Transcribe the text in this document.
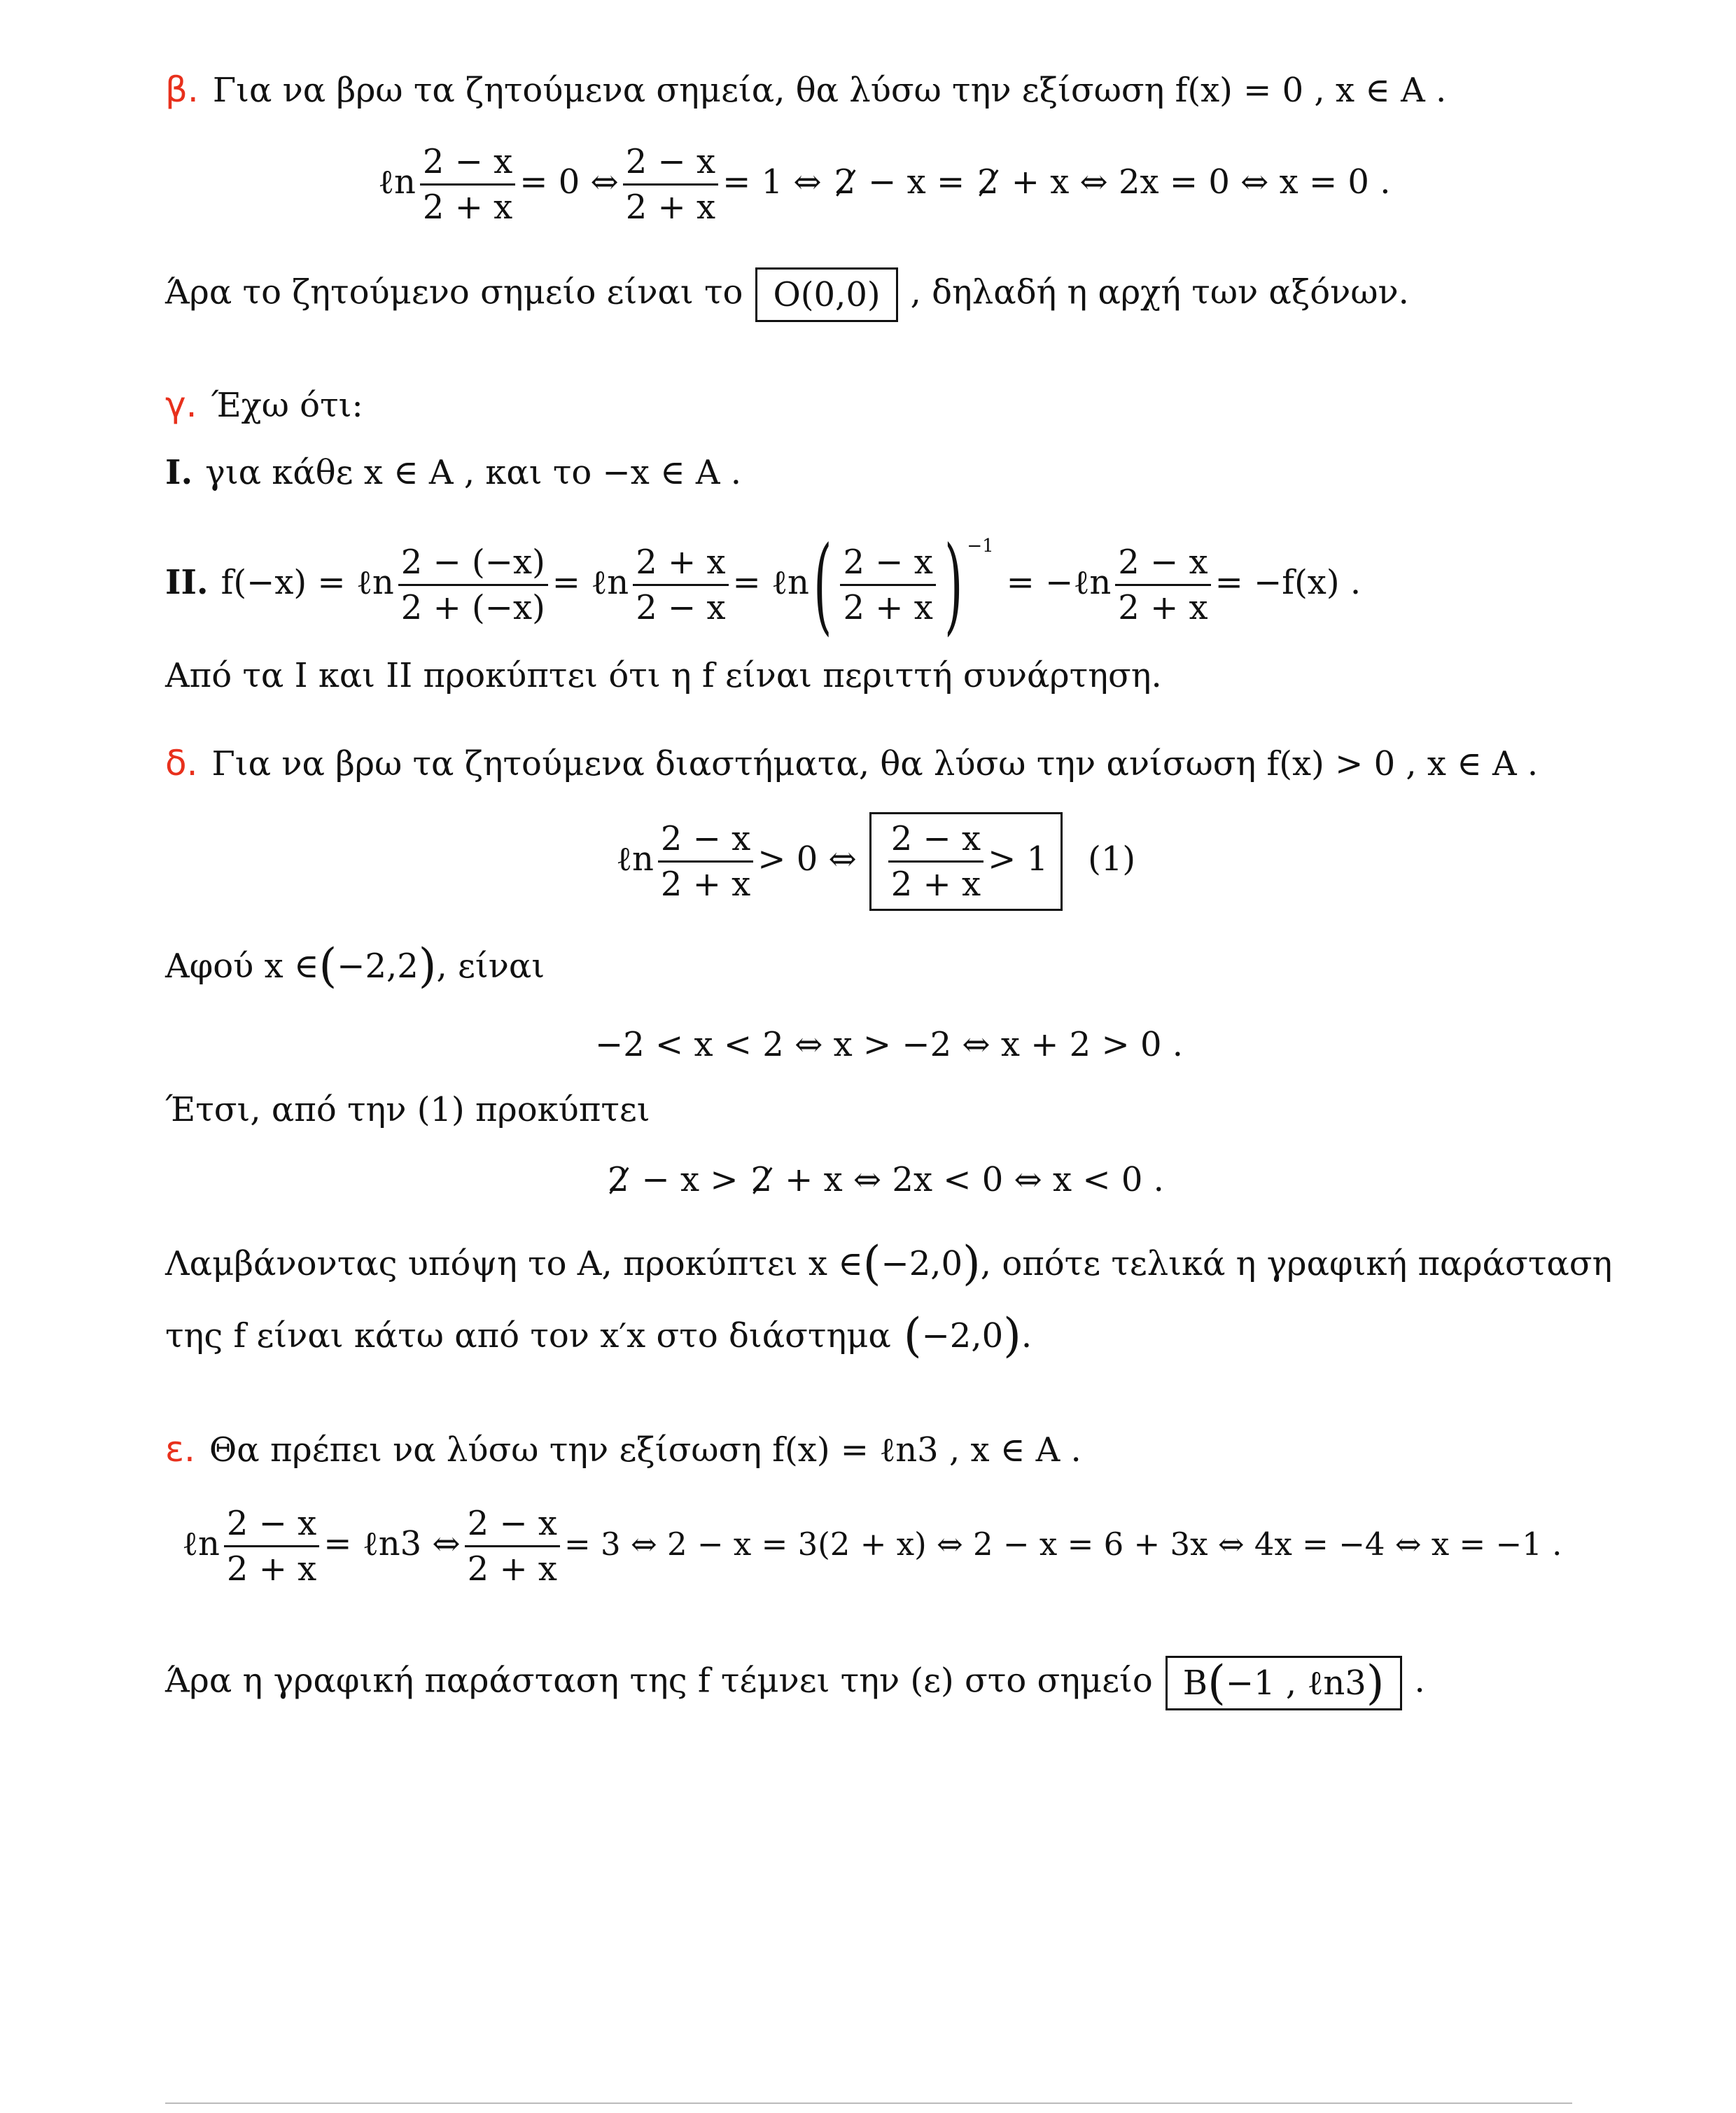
β. Για να βρω τα ζητούμενα σημεία, θα λύσω την εξίσωση f(x) = 0 , x ∈ A .
ℓn $\frac{2 - x}{2 + x} = 0$ ⇔ $\frac{2 - x}{2 + x} = 1$ ⇔ 2 − x = 2 + x ⇔ 2x = 0 ⇔ x = 0 .
Άρα το ζητούμενο σημείο είναι το O(0,0) , δηλαδή η αρχή των αξόνων.
γ. Έχω ότι:
I. για κάθε x ∈ A , και το −x ∈ A .
II. f(−x) = ℓn $\frac{2 - (-x)}{2 + (-x)}$ = ℓn $\frac{2 + x}{2 - x}$ = ℓn( $\frac{2 - x}{2 + x}$ ) $^{-1}$= −ℓn $\frac{2 - x}{2 + x} = -f(x)$ .
Από τα I και II προκύπτει ότι η f είναι περιττή συνάρτηση.
δ. Για να βρω τα ζητούμενα διαστήματα, θα λύσω την ανίσωση f(x) > 0 , x ∈ A .
ℓn $\frac{2 - x}{2 + x} > 0$ ⇔ $\frac{2 - x}{2 + x} > 1$ (1)
Αφού x ∈(−2,2), είναι
−2 < x < 2 ⇔ x > −2 ⇔ x + 2 > 0 .
Έτσι, από την (1) προκύπτει
2 − x > 2 + x ⇔ 2x < 0 ⇔ x < 0 .
Λαμβάνοντας υπόψη το A, προκύπτει x ∈(−2,0), οπότε τελικά η γραφική παράσταση
της f είναι κάτω από τον x′x στο διάστημα (−2,0).
ε. Θα πρέπει να λύσω την εξίσωση f(x) = ℓn3 , x ∈ A .
ℓn $\frac{2 - x}{2 + x}$ = ℓn3 ⇔ $\frac{2 - x}{2 + x} = 3$ ⇔ 2 − x = 3(2 + x) ⇔ 2 − x = 6 + 3x ⇔ 4x = −4 ⇔ x = −1 .
Άρα η γραφική παράσταση της f τέμνει την (ε) στο σημείο B(−1 , ℓn3) .
